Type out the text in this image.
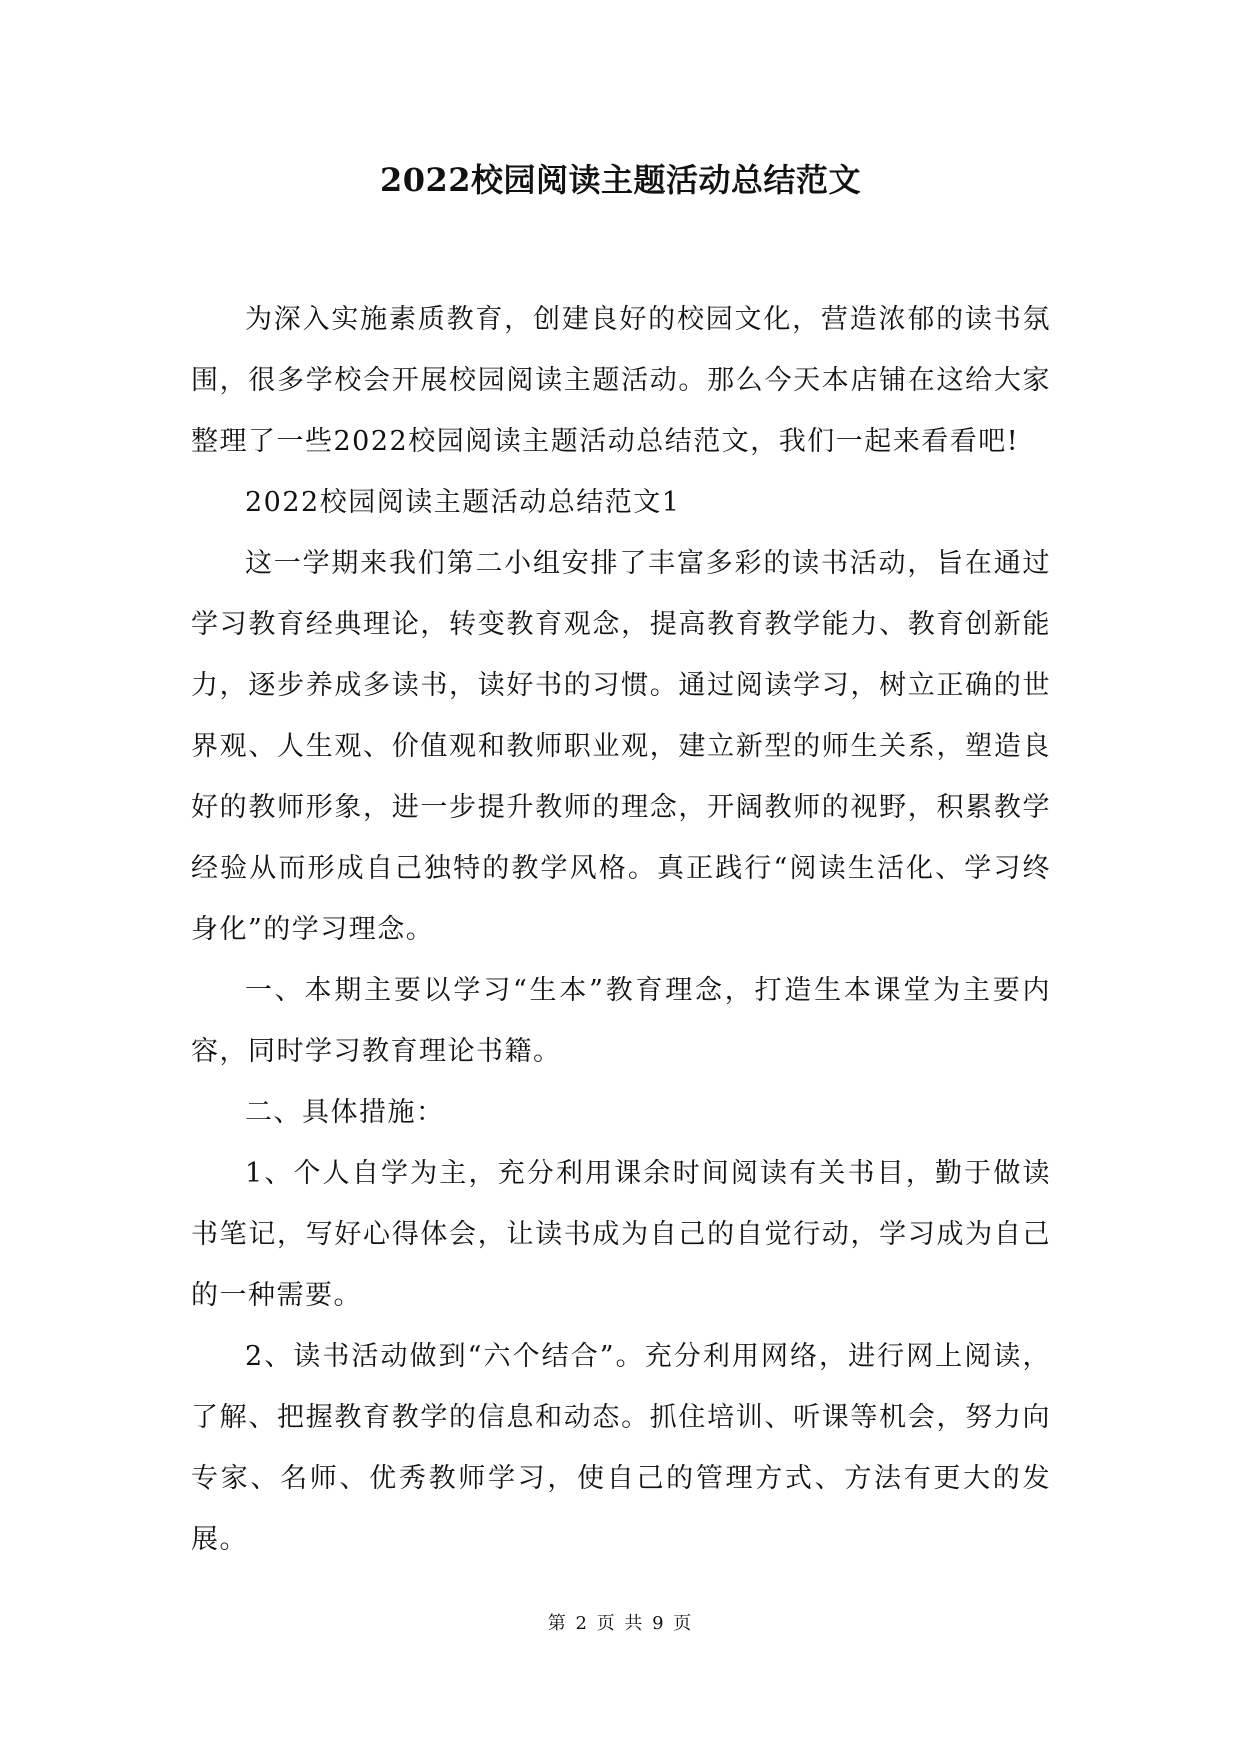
2022校园阅读主题活动总结范文

为深入实施素质教育，创建良好的校园文化，营造浓郁的读书氛围，很多学校会开展校园阅读主题活动。那么今天本店铺在这给大家整理了一些2022校园阅读主题活动总结范文，我们一起来看看吧!

2022校园阅读主题活动总结范文1

这一学期来我们第二小组安排了丰富多彩的读书活动，旨在通过学习教育经典理论，转变教育观念，提高教育教学能力、教育创新能力，逐步养成多读书，读好书的习惯。通过阅读学习，树立正确的世界观、人生观、价值观和教师职业观，建立新型的师生关系，塑造良好的教师形象，进一步提升教师的理念，开阔教师的视野，积累教学经验从而形成自己独特的教学风格。真正践行“阅读生活化、学习终身化”的学习理念。

一、本期主要以学习“生本”教育理念，打造生本课堂为主要内容，同时学习教育理论书籍。

二、具体措施：

1、个人自学为主，充分利用课余时间阅读有关书目，勤于做读书笔记，写好心得体会，让读书成为自己的自觉行动，学习成为自己的一种需要。

2、读书活动做到“六个结合”。充分利用网络，进行网上阅读，了解、把握教育教学的信息和动态。抓住培训、听课等机会，努力向专家、名师、优秀教师学习，使自己的管理方式、方法有更大的发展。

第 2 页 共 9 页
